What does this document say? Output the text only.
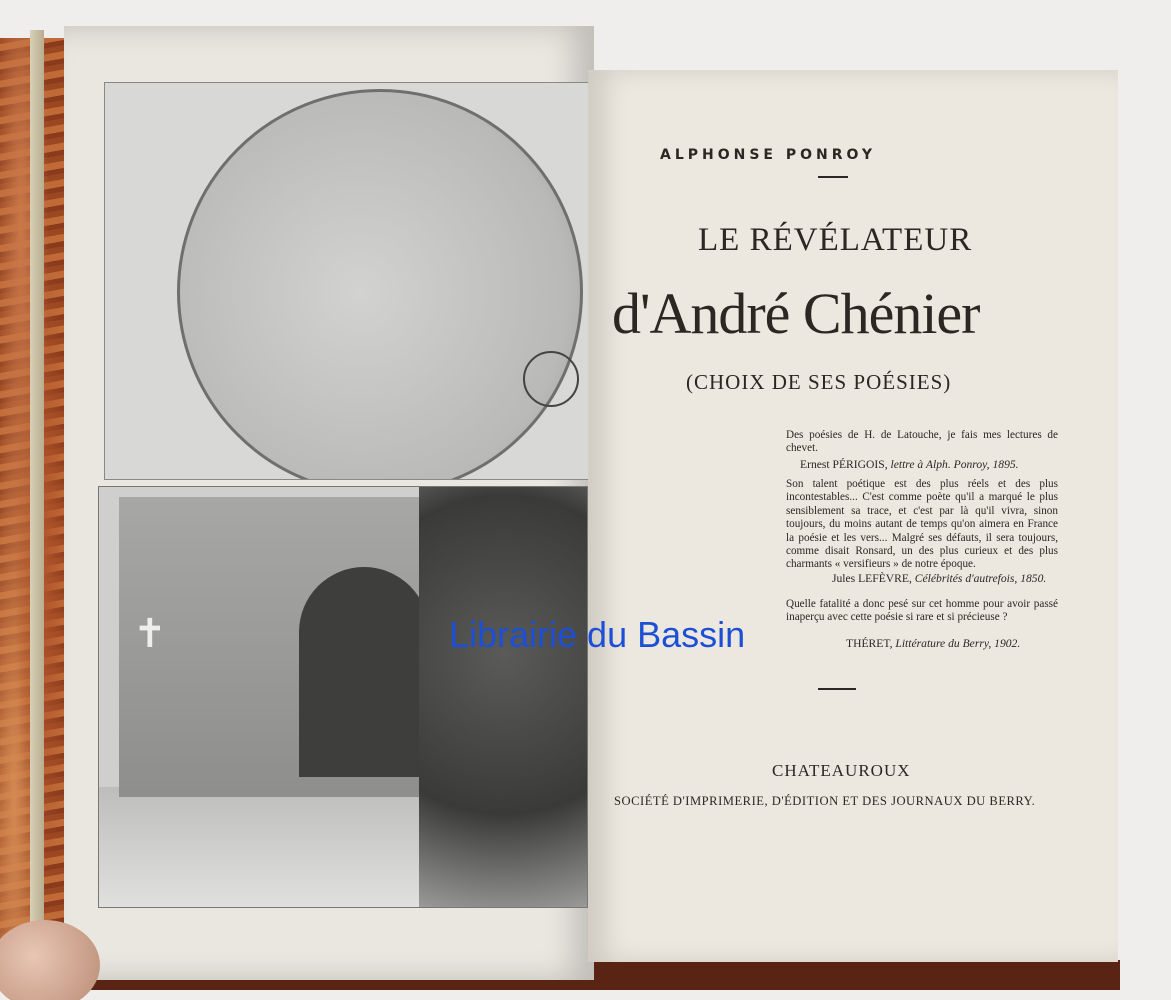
✝
ALPHONSE PONROY
LE RÉVÉLATEUR
d'André Chénier
(CHOIX DE SES POÉSIES)
Des poésies de H. de Latouche, je fais mes lectures de chevet.
Ernest PÉRIGOIS, lettre à Alph. Ponroy, 1895.
Son talent poétique est des plus réels et des plus incontestables... C'est comme poète qu'il a marqué le plus sensiblement sa trace, et c'est par là qu'il vivra, sinon toujours, du moins autant de temps qu'on aimera en France la poésie et les vers... Malgré ses défauts, il sera toujours, comme disait Ronsard, un des plus curieux et des plus charmants « versifieurs » de notre époque.
Jules LEFÈVRE, Célébrités d'autrefois, 1850.
Quelle fatalité a donc pesé sur cet homme pour avoir passé inaperçu avec cette poésie si rare et si précieuse ?
THÉRET, Littérature du Berry, 1902.
CHATEAUROUX
SOCIÉTÉ D'IMPRIMERIE, D'ÉDITION ET DES JOURNAUX DU BERRY.
Librairie du Bassin
